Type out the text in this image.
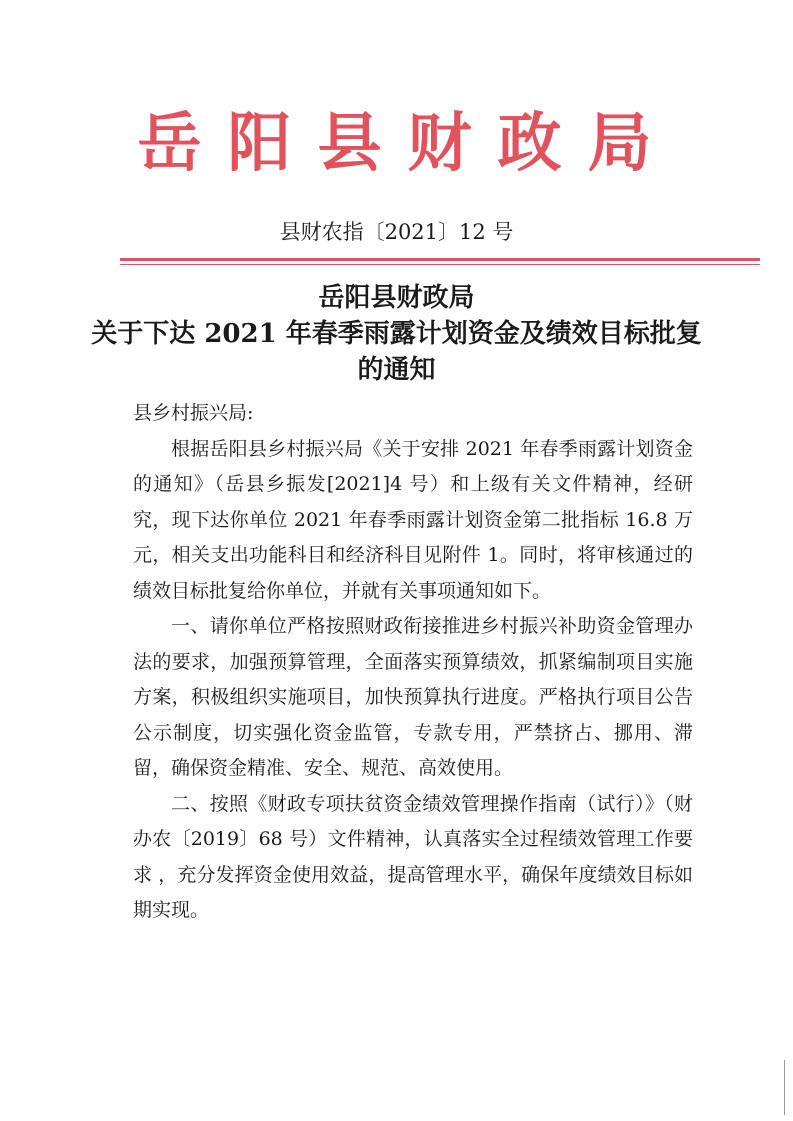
岳阳县财政局
县财农指〔2021〕12 号
岳阳县财政局
关于下达 2021 年春季雨露计划资金及绩效目标批复
的通知

县乡村振兴局:

根据岳阳县乡村振兴局《关于安排 2021 年春季雨露计划资金的通知》（岳县乡振发[2021]4 号）和上级有关文件精神，经研究，现下达你单位 2021 年春季雨露计划资金第二批指标 16.8 万元，相关支出功能科目和经济科目见附件 1。同时，将审核通过的绩效目标批复给你单位，并就有关事项通知如下。

一、请你单位严格按照财政衔接推进乡村振兴补助资金管理办法的要求，加强预算管理，全面落实预算绩效，抓紧编制项目实施方案，积极组织实施项目，加快预算执行进度。严格执行项目公告公示制度，切实强化资金监管，专款专用，严禁挤占、挪用、滞留，确保资金精准、安全、规范、高效使用。

二、按照《财政专项扶贫资金绩效管理操作指南（试行）》（财办农〔2019〕68 号）文件精神，认真落实全过程绩效管理工作要求 ，充分发挥资金使用效益，提高管理水平，确保年度绩效目标如期实现。
